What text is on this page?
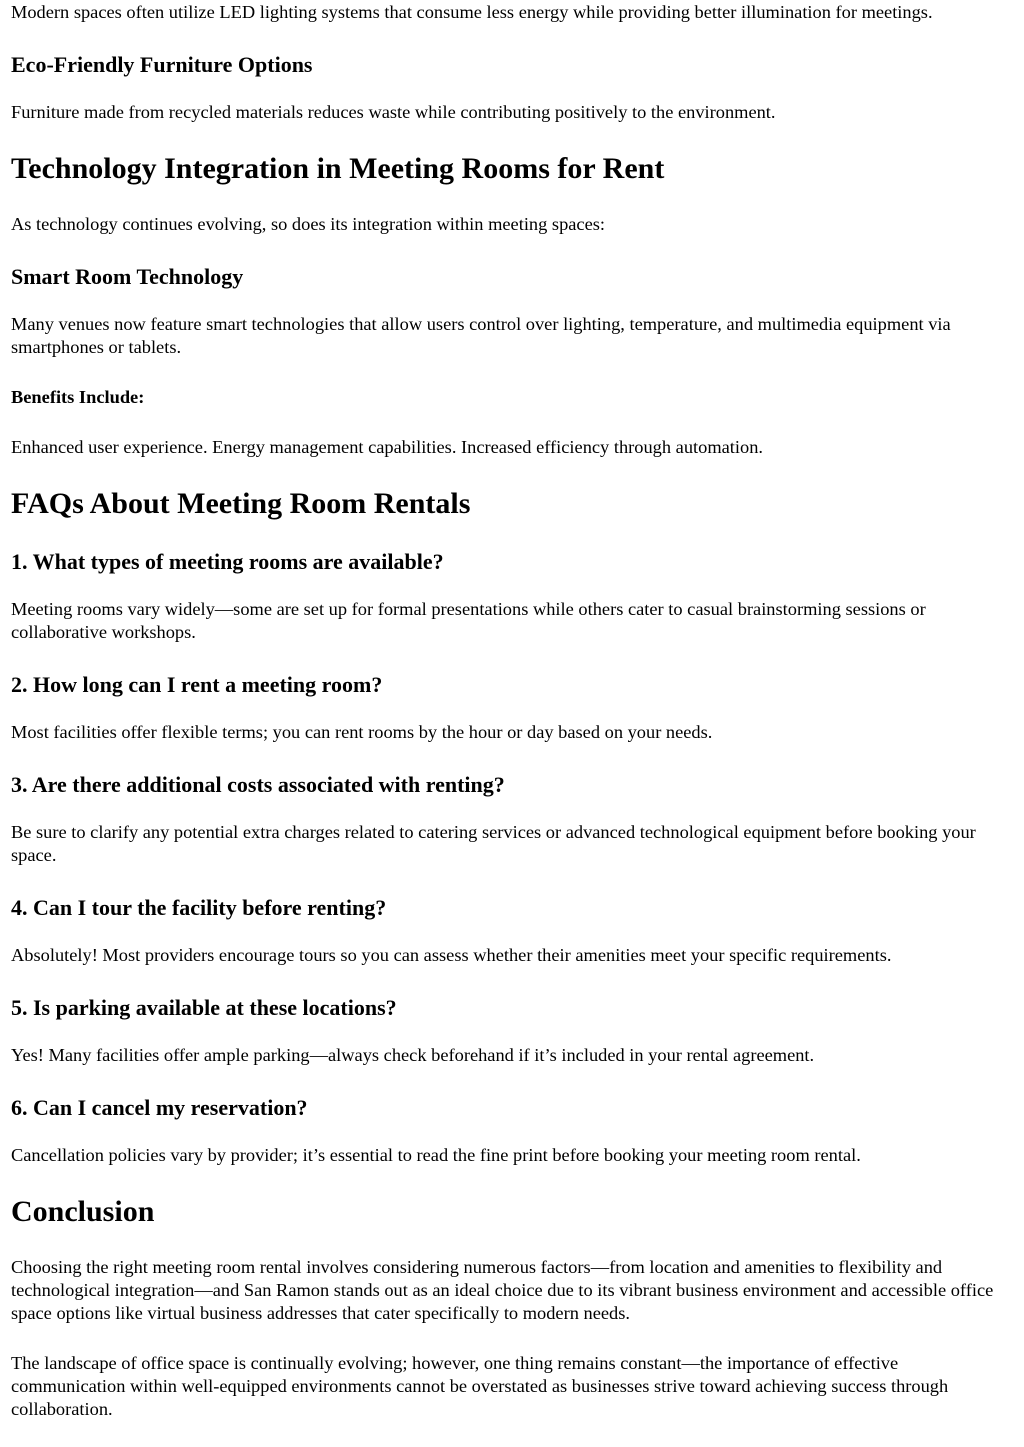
Modern spaces often utilize LED lighting systems that consume less energy while providing better illumination for meetings.

Eco-Friendly Furniture Options

Furniture made from recycled materials reduces waste while contributing positively to the environment.

Technology Integration in Meeting Rooms for Rent

As technology continues evolving, so does its integration within meeting spaces:

Smart Room Technology

Many venues now feature smart technologies that allow users control over lighting, temperature, and multimedia equipment via smartphones or tablets.

Benefits Include:

Enhanced user experience. Energy management capabilities. Increased efficiency through automation.

FAQs About Meeting Room Rentals
1. What types of meeting rooms are available?

Meeting rooms vary widely—some are set up for formal presentations while others cater to casual brainstorming sessions or collaborative workshops.

2. How long can I rent a meeting room?

Most facilities offer flexible terms; you can rent rooms by the hour or day based on your needs.

3. Are there additional costs associated with renting?

Be sure to clarify any potential extra charges related to catering services or advanced technological equipment before booking your space.

4. Can I tour the facility before renting?

Absolutely! Most providers encourage tours so you can assess whether their amenities meet your specific requirements.

5. Is parking available at these locations?

Yes! Many facilities offer ample parking—always check beforehand if it’s included in your rental agreement.

6. Can I cancel my reservation?

Cancellation policies vary by provider; it’s essential to read the fine print before booking your meeting room rental.

Conclusion

Choosing the right meeting room rental involves considering numerous factors—from location and amenities to flexibility and technological integration—and San Ramon stands out as an ideal choice due to its vibrant business environment and accessible office space options like virtual business addresses that cater specifically to modern needs.

The landscape of office space is continually evolving; however, one thing remains constant—the importance of effective communication within well-equipped environments cannot be overstated as businesses strive toward achieving success through collaboration.
